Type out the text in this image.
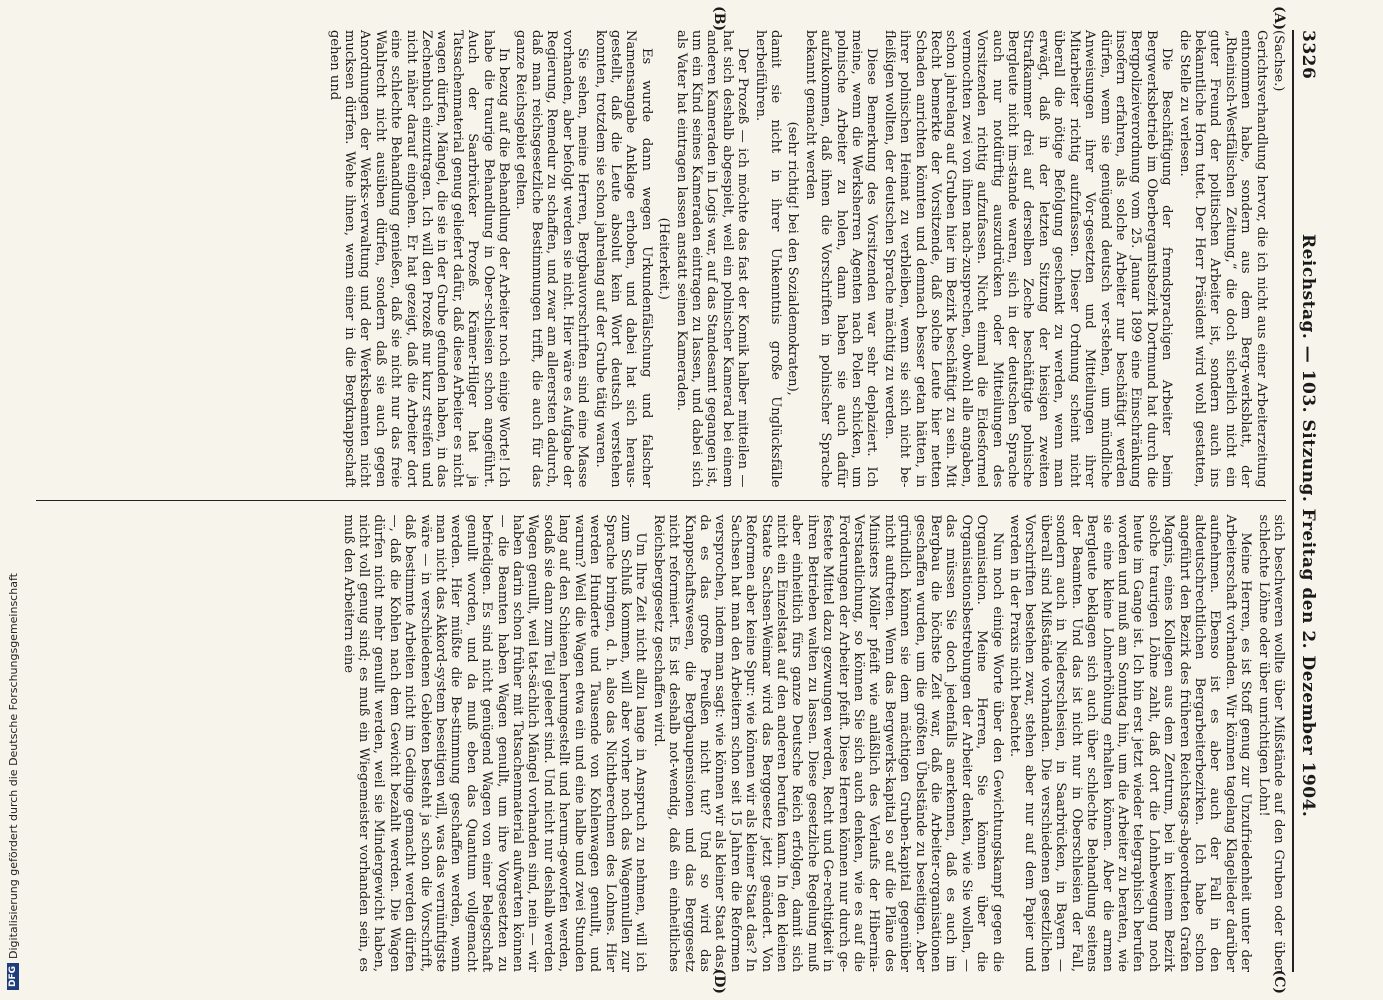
3326
Reichstag. — 103. Sitzung. Freitag den 2. Dezember 1904.
(A)
(B)

(Sachse.)

Gerichtsverhandlung hervor, die ich nicht aus einer Arbeiterzeitung entnommen habe, sondern aus dem Berg-werksblatt, der „Rheinisch-Westfälischen Zeitung,“ die doch sicherlich nicht ein guter Freund der politischen Arbeiter ist, sondern auch ins bekanntliche Horn tutet. Der Herr Präsident wird wohl gestatten, die Stelle zu verlesen.

Die Beschäftigung der fremdsprachigen Arbeiter beim Bergwerksbetrieb im Oberbergamtsbezirk Dortmund hat durch die Bergpolizeiverordnung vom 25. Januar 1899 eine Einschränkung insofern erfahren, als solche Arbeiter nur beschäftigt werden dürfen, wenn sie genügend deutsch ver-stehen, um mündliche Anweisungen ihrer Vor-gesetzten und Mitteilungen ihrer Mitarbeiter richtig aufzufassen. Dieser Ordnung scheint nicht überall die nötige Befolgung geschenkt zu werden, wenn man erwägt, daß in der letzten Sitzung der hiesigen zweiten Strafkammer drei auf derselben Zeche beschäftigte polnische Bergleute nicht im-stande waren, sich in der deutschen Sprache auch nur notdürftig auszudrücken oder Mitteilungen des Vorsitzenden richtig aufzufassen. Nicht einmal die Eidesformel vermochten zwei von ihnen nach-zusprechen, obwohl alle angaben, schon jahrelang auf Gruben hier im Bezirk beschäftigt zu sein. Mit Recht bemerkte der Vorsitzende, daß solche Leute hier netten Schaden anrichten könnten und demnach besser getan hätten, in ihrer polnischen Heimat zu verbleiben, wenn sie sich nicht be-fleißigen wollten, der deutschen Sprache mächtig zu werden.

Diese Bemerkung des Vorsitzenden war sehr deplaziert. Ich meine, wenn die Werksherren Agenten nach Polen schicken, um polnische Arbeiter zu holen, dann haben sie auch dafür aufzukommen, daß ihnen die Vorschriften in polnischer Sprache bekannt gemacht werden

(sehr richtig! bei den Sozialdemokraten),

damit sie nicht in ihrer Unkenntnis große Unglücksfälle herbeiführen.

Der Prozeß — ich möchte das fast der Komik halber mitteilen — hat sich deshalb abgespielt, weil ein polnischer Kamerad bei einem anderen Kameraden in Logis war, auf das Standesamt gegangen ist, um ein Kind seines Kameraden eintragen zu lassen, und dabei sich als Vater hat eintragen lassen anstatt seinen Kameraden.

(Heiterkeit.)

Es wurde dann wegen Urkundenfälschung und falscher Namensangabe Anklage erhoben, und dabei hat sich heraus-gestellt, daß die Leute absolut kein Wort deutsch verstehen konnten, trotzdem sie schon jahrelang auf der Grube tätig waren.

Sie sehen, meine Herren, Bergbauvorschriften sind eine Masse vorhanden, aber befolgt werden sie nicht. Hier wäre es Aufgabe der Regierung, Remedur zu schaffen, und zwar am allerersten dadurch, daß man reichsgesetzliche Bestimmungen trifft, die auch für das ganze Reichsgebiet gelten.

In bezug auf die Behandlung der Arbeiter noch einige Worte! Ich habe die traurige Behandlung in Ober-schlesien schon angeführt. Auch der Saarbrücker Prozeß Krämer-Hilger hat ja Tatsachenmaterial genug geliefert dafür, daß diese Arbeiter es nicht wagen dürfen, Mängel, die sie in der Grube gefunden haben, in das Zechenbuch einzutragen. Ich will den Prozeß nur kurz streifen und nicht näher darauf eingehen. Er hat gezeigt, daß die Arbeiter dort eine schlechte Behandlung genießen, daß sie nicht nur das freie Wahlrecht nicht ausüben dürfen, sondern daß sie auch gegen Anordnungen der Werks-verwaltung und der Werksbeamten nicht mucksen dürfen. Wehe ihnen, wenn einer in die Bergknappschaft gehen und

(C)
(D)

sich beschweren wollte über Mißstände auf den Gruben oder über schlechte Löhne oder über unrichtigen Lohn!

Meine Herren, es ist Stoff genug zur Unzufriedenheit unter der Arbeiterschaft vorhanden. Wir können tagelang Klagelieder darüber aufnehmen. Ebenso ist es aber auch der Fall in den altdeutschrechtlichen Bergarbeiterbezirken. Ich habe schon angeführt den Bezirk des früheren Reichstags-abgeordneten Grafen Magnis, eines Kollegen aus dem Zentrum, bei in keinem Bezirk solche traurigen Löhne zahlt, daß dort die Lohnbewegung noch heute im Gange ist. Ich bin erst jetzt wieder telegraphisch berufen worden und muß am Sonntag hin, um die Arbeiter zu beraten, wie sie eine kleine Lohnerhöhung erhalten können. Aber die armen Bergleute beklagen sich auch über schlechte Behandlung seitens der Beamten. Und das ist nicht nur in Oberschlesien der Fall, sondern auch in Niederschlesien, in Saarbrücken, in Bayern — überall sind Mißstände vorhanden. Die verschiedenen gesetzlichen Vorschriften bestehen zwar, stehen aber nur auf dem Papier und werden in der Praxis nicht beachtet.

Nun noch einige Worte über den Gewichtungskampf gegen die Organisation. Meine Herren, Sie können über die Organisationsbestrebungen der Arbeiter denken, wie Sie wollen, — das müssen Sie doch jedenfalls anerkennen, daß es auch im Bergbau die höchste Zeit war, daß die Arbeiter-organisationen geschaffen wurden, um die größten Übelstände zu beseitigen. Aber gründlich können sie dem mächtigen Gruben-kapital gegenüber nicht auftreten. Wenn das Bergwerks-kapital so auf die Pläne des Ministers Möller pfeift wie anläßlich des Verlaufs der Hibernia-Verstaatlichung, so können Sie sich auch denken, wie es auf die Forderungen der Arbeiter pfeift. Diese Herren können nur durch ge-festete Mittel dazu gezwungen werden, Recht und Ge-rechtigkeit in ihren Betrieben walten zu lassen. Diese gesetzliche Regelung muß aber einheitlich fürs ganze Deutsche Reich erfolgen, damit sich nicht ein Einzelstaat auf den anderen berufen kann. In den kleinen Staate Sachsen-Weimar wird das Berggesetz jetzt geändert. Von Reformen aber keine Spur: wie können wir als kleiner Staat das? In Sachsen hat man den Arbeitern schon seit 15 Jahren die Reformen versprochen, indem man sagt: wie können wir als kleiner Staat das, da es das große Preußen nicht tut? Und so wird das Knappschaftswesen, die Bergbaupensionen und das Berggesetz nicht reformiert. Es ist deshalb not-wendig, daß ein einheitliches Reichsberggesetz geschaffen wird.

Um Ihre Zeit nicht allzu lange in Anspruch zu nehmen, will ich zum Schluß kommen, will aber vorher noch das Wagennullen zur Sprache bringen, d. h. also das Nichtberechnen des Lohnes. Hier werden Hunderte und Tausende von Kohlenwagen genullt, und warum? Weil die Wagen etwa ein und eine halbe und zwei Stunden lang auf den Schienen herumgestellt und herum-geworfen werden, sodaß sie dann zum Teil geleert sind. Und nicht nur deshalb werden Wagen genullt, weil tat-sächlich Mängel vorhanden sind, nein — wir haben darin schon früher mit Tatsachenmaterial aufwarten können — die Beamten haben Wagen genullt, um ihre Vorgesetzten zu befriedigen. Es sind nicht genügend Wagen von einer Belegschaft genullt worden, und da muß eben das Quantum vollgemacht werden. Hier müßte die Be-stimmung geschaffen werden, wenn man nicht das Akkord-system beseitigen will, was das vernünftigste wäre — in verschiedenen Gebieten besteht ja schon die Vorschrift, daß bestimmte Arbeiten nicht im Gedinge gemacht werden dürfen —, daß die Kohlen nach dem Gewicht bezahlt werden. Die Wagen dürfen nicht mehr genullt werden, weil sie Mindergewicht haben, nicht voll genug sind; es muß ein Wiegemeister vorhanden sein, es muß den Arbeitern eine

DFG
Digitalisierung gefördert durch die Deutsche Forschungsgemeinschaft
